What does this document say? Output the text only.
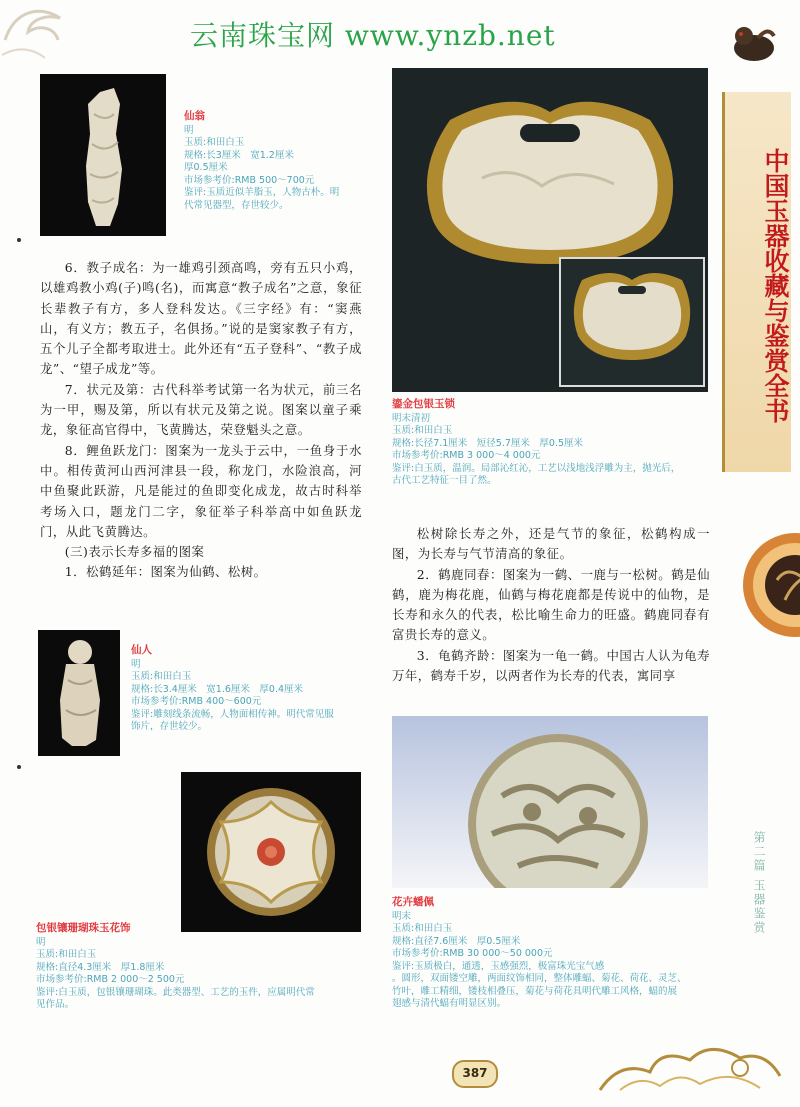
云南珠宝网 www.ynzb.net
中国玉器收藏与鉴赏全书
第二篇 玉器鉴赏
仙翁
明
玉质:和田白玉
规格:长3厘米　宽1.2厘米
厚0.5厘米
市场参考价:RMB 500～700元
鉴评:玉质近似羊脂玉，人物古朴。明
代常见器型，存世较少。

6．教子成名：为一雄鸡引颈高鸣，旁有五只小鸡，以雄鸡教小鸡(子)鸣(名)，而寓意“教子成名”之意，象征长辈教子有方，多人登科发达。《三字经》有：“窦燕山，有义方；教五子，名俱扬。”说的是窦家教子有方，五个儿子全都考取进士。此外还有“五子登科”、“教子成龙”、“望子成龙”等。

7．状元及第：古代科举考试第一名为状元，前三名为一甲，赐及第，所以有状元及第之说。图案以童子乘龙，象征高官得中，飞黄腾达，荣登魁头之意。

8．鲤鱼跃龙门：图案为一龙头于云中，一鱼身于水中。相传黄河山西河津县一段，称龙门，水险浪高，河中鱼聚此跃游，凡是能过的鱼即变化成龙，故古时科举考场入口，题龙门二字，象征举子科举高中如鱼跃龙门，从此飞黄腾达。

(三)表示长寿多福的图案

1．松鹤延年：图案为仙鹤、松树。

仙人
明
玉质:和田白玉
规格:长3.4厘米　宽1.6厘米　厚0.4厘米
市场参考价:RMB 400～600元
鉴评:雕刻线条流畅，人物面相传神。明代常见服
饰片，存世较少。
包银镶珊瑚珠玉花饰
明
玉质:和田白玉
规格:直径4.3厘米　厚1.8厘米
市场参考价:RMB 2 000～2 500元
鉴评:白玉质，包银镶珊瑚珠。此类器型、工艺的玉件，应属明代常
见作品。
鎏金包银玉锁
明末清初
玉质:和田白玉
规格:长径7.1厘米　短径5.7厘米　厚0.5厘米
市场参考价:RMB 3 000～4 000元
鉴评:白玉质，温润。局部沁红沁，工艺以浅地浅浮雕为主，抛光后，
古代工艺特征一目了然。

松树除长寿之外，还是气节的象征，松鹤构成一图，为长寿与气节清高的象征。

2．鹤鹿同春：图案为一鹤、一鹿与一松树。鹤是仙鹤，鹿为梅花鹿，仙鹤与梅花鹿都是传说中的仙物，是长寿和永久的代表，松比喻生命力的旺盛。鹤鹿同春有富贵长寿的意义。

3．龟鹤齐龄：图案为一龟一鹤。中国古人认为龟寿万年，鹤寿千岁，以两者作为长寿的代表，寓同享

花卉蟠佩
明末
玉质:和田白玉
规格:直径7.6厘米　厚0.5厘米
市场参考价:RMB 30 000～50 000元
鉴评:玉质极白，通透，玉感强烈，极富珠光宝气感
。圆形，双面镂空雕，两面纹饰相同，整体雕蝠、菊花、荷花、灵芝、
竹叶，雕工精细，镂枝相叠压，菊花与荷花具明代雕工风格，蝠的展
翅感与清代蝠有明显区别。
387
